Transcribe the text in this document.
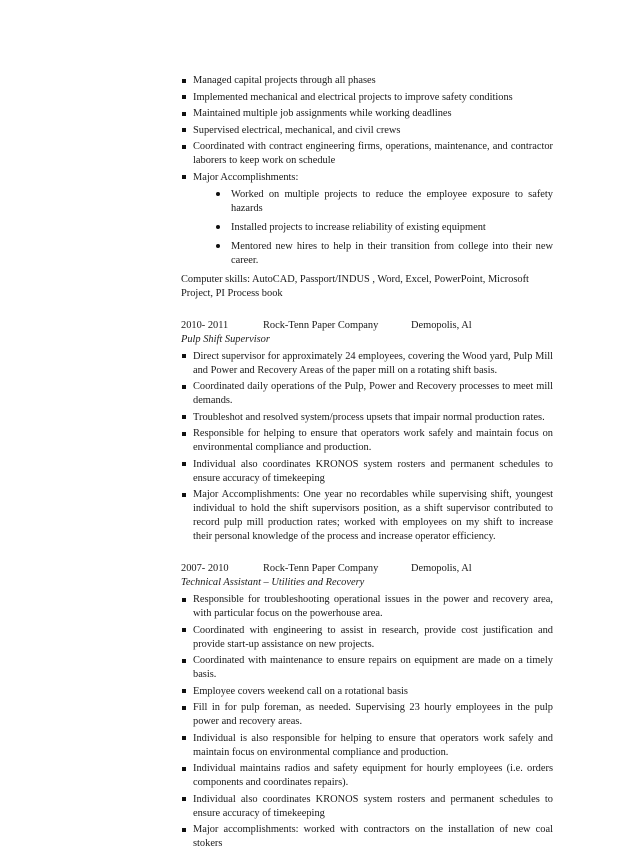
Managed capital projects through all phases
Implemented mechanical and electrical projects to improve safety conditions
Maintained multiple job assignments while working deadlines
Supervised electrical, mechanical, and civil crews
Coordinated with contract engineering firms, operations, maintenance, and contractor laborers to keep work on schedule
Major Accomplishments:
Worked on multiple projects to reduce the employee exposure to safety hazards
Installed projects to increase reliability of existing equipment
Mentored new hires to help in their transition from college into their new career.
Computer skills: AutoCAD, Passport/INDUS , Word, Excel, PowerPoint, Microsoft Project, PI Process book
2010- 2011	Rock-Tenn Paper Company	Demopolis, Al
Pulp Shift Supervisor
Direct supervisor for approximately 24 employees, covering the Wood yard, Pulp Mill and Power and Recovery Areas of the paper mill on a rotating shift basis.
Coordinated daily operations of the Pulp, Power and Recovery processes to meet mill demands.
Troubleshot and resolved system/process upsets that impair normal production rates.
Responsible for helping to ensure that operators work safely and maintain focus on environmental compliance and production.
Individual also coordinates KRONOS system rosters and permanent schedules to ensure accuracy of timekeeping
Major Accomplishments: One year no recordables while supervising shift, youngest individual to hold the shift supervisors position, as a shift supervisor contributed to record pulp mill production rates; worked with employees on my shift to increase their personal knowledge of the process and increase operator efficiency.
2007- 2010	Rock-Tenn Paper Company	Demopolis, Al
Technical Assistant – Utilities and Recovery
Responsible for troubleshooting operational issues in the power and recovery area, with particular focus on the powerhouse area.
Coordinated with engineering to assist in research, provide cost justification and provide start-up assistance on new projects.
Coordinated with maintenance to ensure repairs on equipment are made on a timely basis.
Employee covers weekend call on a rotational basis
Fill in for pulp foreman, as needed. Supervising 23 hourly employees in the pulp power and recovery areas.
Individual is also responsible for helping to ensure that operators work safely and maintain focus on environmental compliance and production.
Individual maintains radios and safety equipment for hourly employees (i.e. orders components and coordinates repairs).
Individual also coordinates KRONOS system rosters and permanent schedules to ensure accuracy of timekeeping
Major accomplishments: worked with contractors on the installation of new coal stokers
